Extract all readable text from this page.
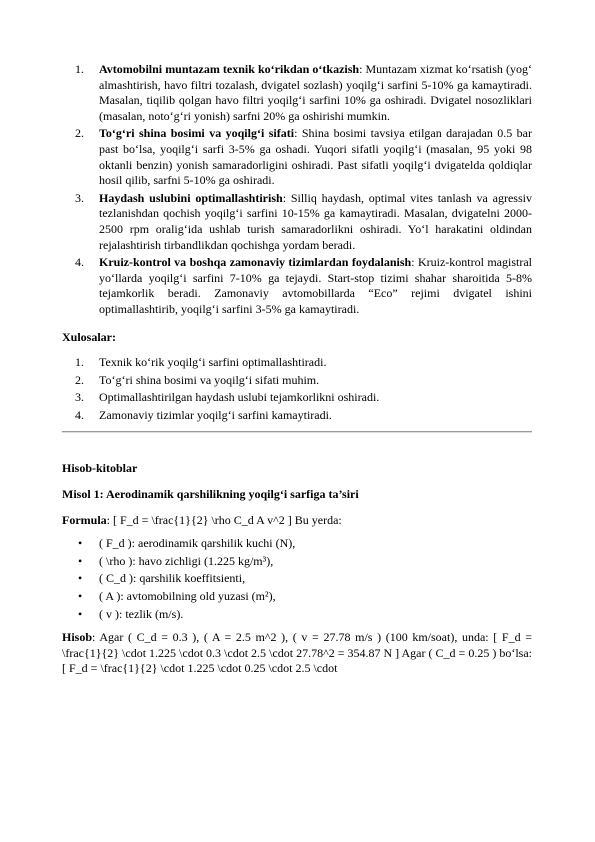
1.	Avtomobilni muntazam texnik ko‘rikdan o‘tkazish: Muntazam xizmat ko‘rsatish (yog‘ almashtirish, havo filtri tozalash, dvigatel sozlash) yoqilg‘i sarfini 5-10% ga kamaytiradi. Masalan, tiqilib qolgan havo filtri yoqilg‘i sarfini 10% ga oshiradi. Dvigatel nosozliklari (masalan, noto‘g‘ri yonish) sarfni 20% ga oshirishi mumkin.
2.	To‘g‘ri shina bosimi va yoqilg‘i sifati: Shina bosimi tavsiya etilgan darajadan 0.5 bar past bo‘lsa, yoqilg‘i sarfi 3-5% ga oshadi. Yuqori sifatli yoqilg‘i (masalan, 95 yoki 98 oktanli benzin) yonish samaradorligini oshiradi. Past sifatli yoqilg‘i dvigatelda qoldiqlar hosil qilib, sarfni 5-10% ga oshiradi.
3.	Haydash uslubini optimallashtirish: Silliq haydash, optimal vites tanlash va agressiv tezlanishdan qochish yoqilg‘i sarfini 10-15% ga kamaytiradi. Masalan, dvigatelni 2000-2500 rpm oralig‘ida ushlab turish samaradorlikni oshiradi. Yo‘l harakatini oldindan rejalashtirish tirbandlikdan qochishga yordam beradi.
4.	Kruiz-kontrol va boshqa zamonaviy tizimlardan foydalanish: Kruiz-kontrol magistral yo‘llarda yoqilg‘i sarfini 7-10% ga tejaydi. Start-stop tizimi shahar sharoitida 5-8% tejamkorlik beradi. Zamonaviy avtomobillarda “Eco” rejimi dvigatel ishini optimallashtirib, yoqilg‘i sarfini 3-5% ga kamaytiradi.
Xulosalar:
1.	Texnik ko‘rik yoqilg‘i sarfini optimallashtiradi.
2.	To‘g‘ri shina bosimi va yoqilg‘i sifati muhim.
3.	Optimallashtirilgan haydash uslubi tejamkorlikni oshiradi.
4.	Zamonaviy tizimlar yoqilg‘i sarfini kamaytiradi.
Hisob-kitoblar
Misol 1: Aerodinamik qarshilikning yoqilg‘i sarfiga ta’siri

Formula: [ F_d = \frac{1}{2} \rho C_d A v^2 ] Bu yerda:

• ( F_d ): aerodinamik qarshilik kuchi (N),
• ( \rho ): havo zichligi (1.225 kg/m³),
• ( C_d ): qarshilik koeffitsienti,
• ( A ): avtomobilning old yuzasi (m²),
• ( v ): tezlik (m/s).

Hisob: Agar ( C_d = 0.3 ), ( A = 2.5 m^2 ), ( v = 27.78 m/s ) (100 km/soat), unda: [ F_d = \frac{1}{2} \cdot 1.225 \cdot 0.3 \cdot 2.5 \cdot 27.78^2 = 354.87 N ] Agar ( C_d = 0.25 ) bo‘lsa: [ F_d = \frac{1}{2} \cdot 1.225 \cdot 0.25 \cdot 2.5 \cdot
